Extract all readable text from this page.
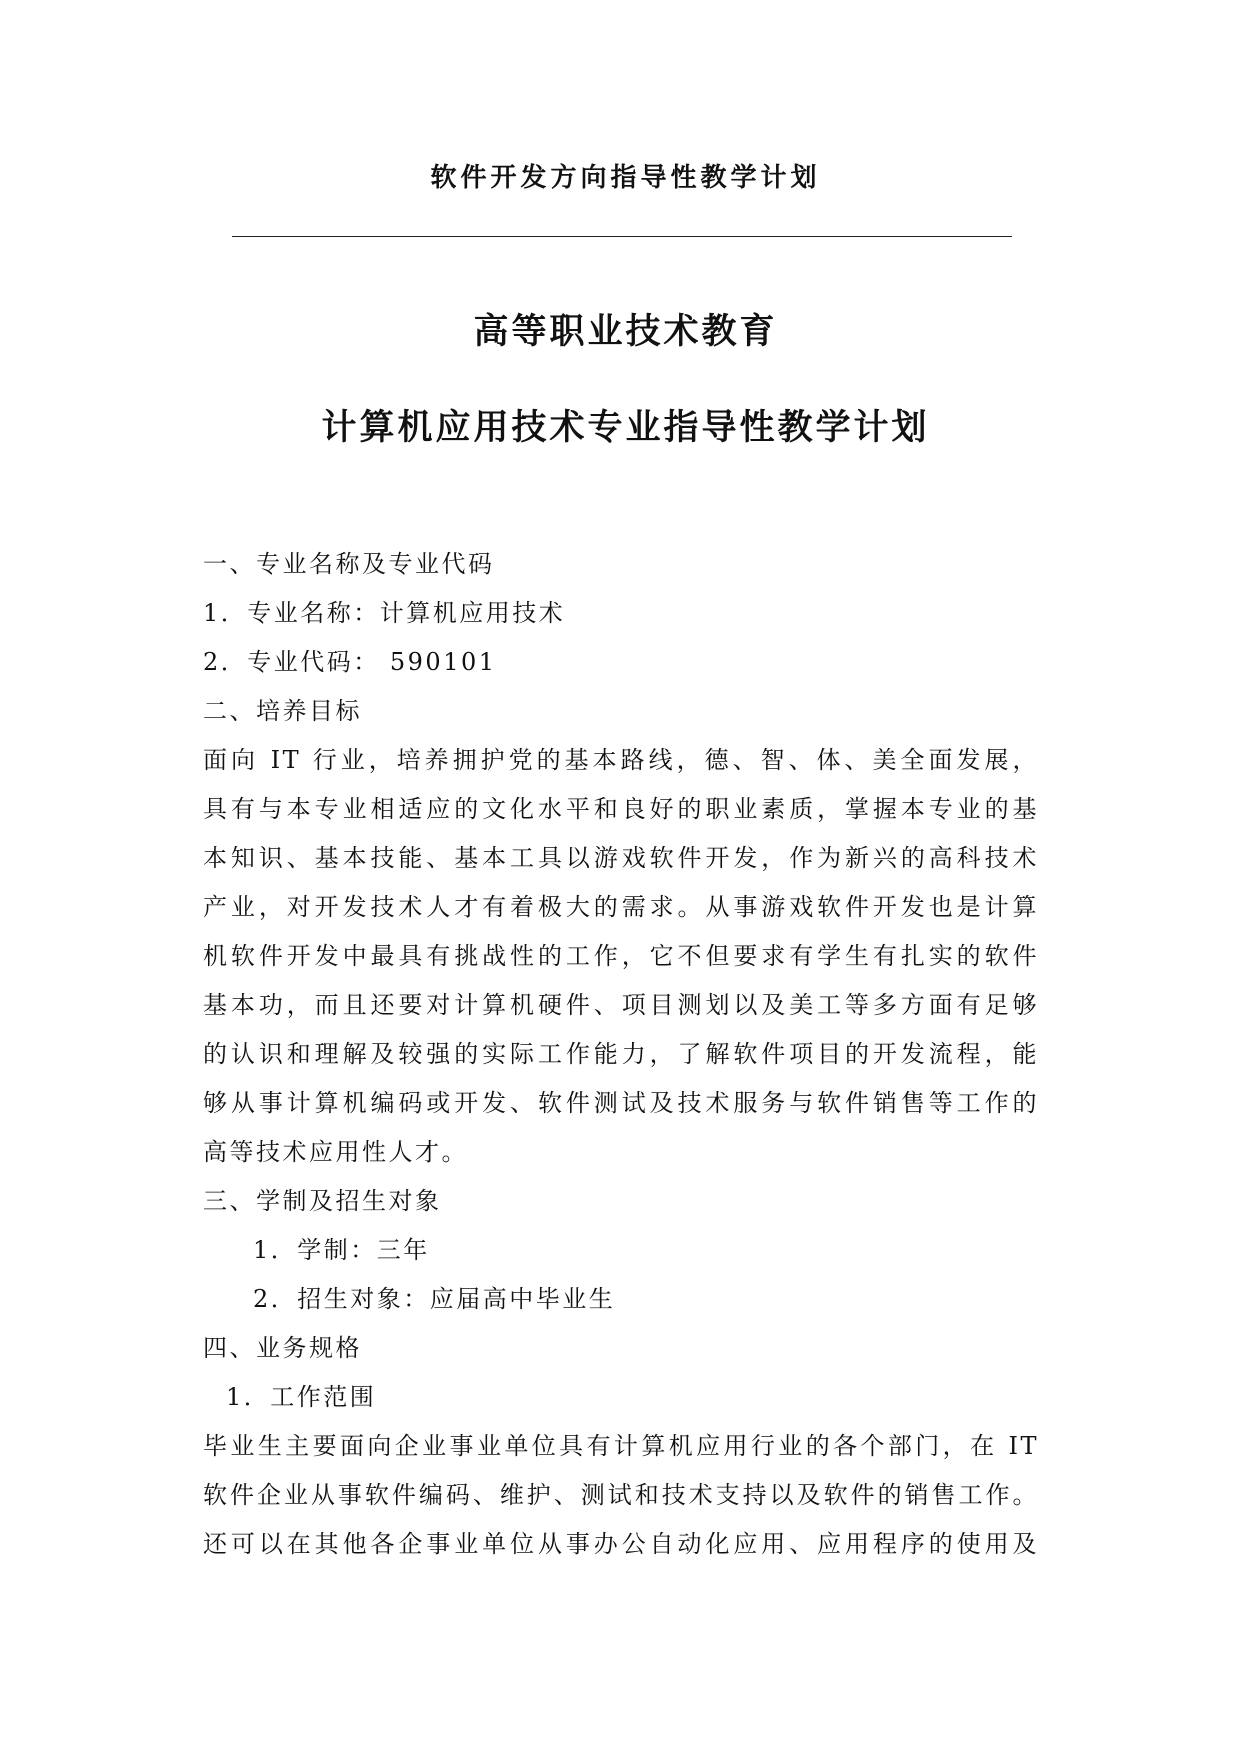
软件开发方向指导性教学计划
高等职业技术教育
计算机应用技术专业指导性教学计划

一、专业名称及专业代码

1．专业名称：计算机应用技术

2．专业代码： 590101

二、培养目标

面向 IT 行业，培养拥护党的基本路线，德、智、体、美全面发展，

具有与本专业相适应的文化水平和良好的职业素质，掌握本专业的基

本知识、基本技能、基本工具以游戏软件开发，作为新兴的高科技术

产业，对开发技术人才有着极大的需求。从事游戏软件开发也是计算

机软件开发中最具有挑战性的工作，它不但要求有学生有扎实的软件

基本功，而且还要对计算机硬件、项目测划以及美工等多方面有足够

的认识和理解及较强的实际工作能力，了解软件项目的开发流程，能

够从事计算机编码或开发、软件测试及技术服务与软件销售等工作的

高等技术应用性人才。

三、学制及招生对象

1．学制：三年

2．招生对象：应届高中毕业生

四、业务规格

1．工作范围

毕业生主要面向企业事业单位具有计算机应用行业的各个部门，在 IT

软件企业从事软件编码、维护、测试和技术支持以及软件的销售工作。

还可以在其他各企事业单位从事办公自动化应用、应用程序的使用及
